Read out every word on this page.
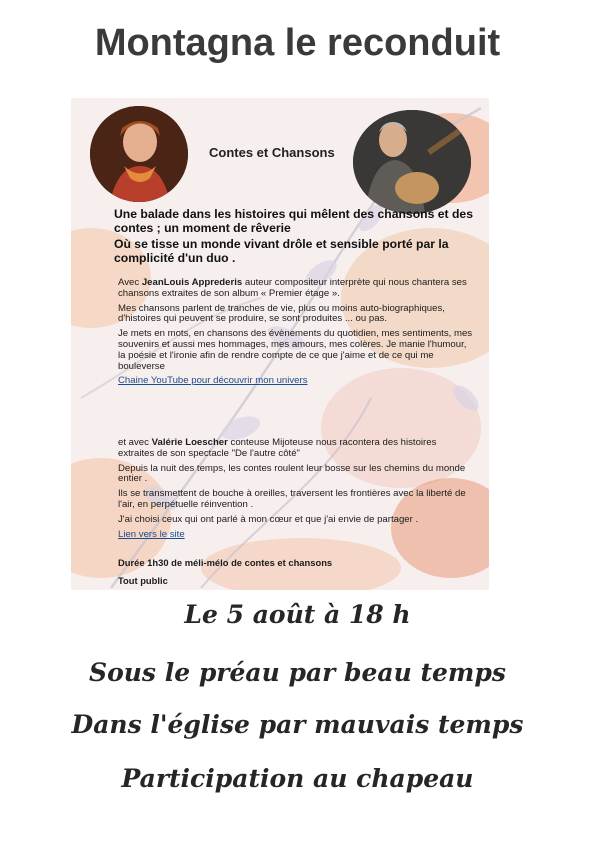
Montagna le reconduit
Contes et Chansons

Une balade dans les histoires qui mêlent des chansons et des contes ; un moment de rêverie

Où se tisse un monde vivant drôle et sensible porté par la complicité d'un duo .

Avec JeanLouis Apprederis auteur compositeur interprète qui nous chantera ses chansons extraites de son album « Premier étage ».

Mes chansons parlent de tranches de vie, plus ou moins auto-biographiques, d'histoires qui peuvent se produire, se sont produites ... ou pas.

Je mets en mots, en chansons des évènements du quotidien, mes sentiments, mes souvenirs et aussi mes hommages, mes amours, mes colères. Je manie l'humour, la poésie et l'ironie afin de rendre compte de ce que j'aime et de ce qui me bouleverse

Chaine YouTube pour découvrir mon univers

et avec Valérie Loescher conteuse Mijoteuse nous racontera des histoires extraites de son spectacle "De l'autre côté"

Depuis la nuit des temps, les contes roulent leur bosse sur les chemins du monde entier .

Ils se transmettent de bouche à oreilles, traversent les frontières avec la liberté de l'air, en perpétuelle réinvention .

J'ai choisi ceux qui ont parlé à mon cœur et que j'ai envie de partager .

Lien vers le site

Durée 1h30 de méli-mélo de contes et chansons
Tout public
Le 5 août à 18 h
Sous le préau par beau temps
Dans l'église par mauvais temps
Participation au chapeau
